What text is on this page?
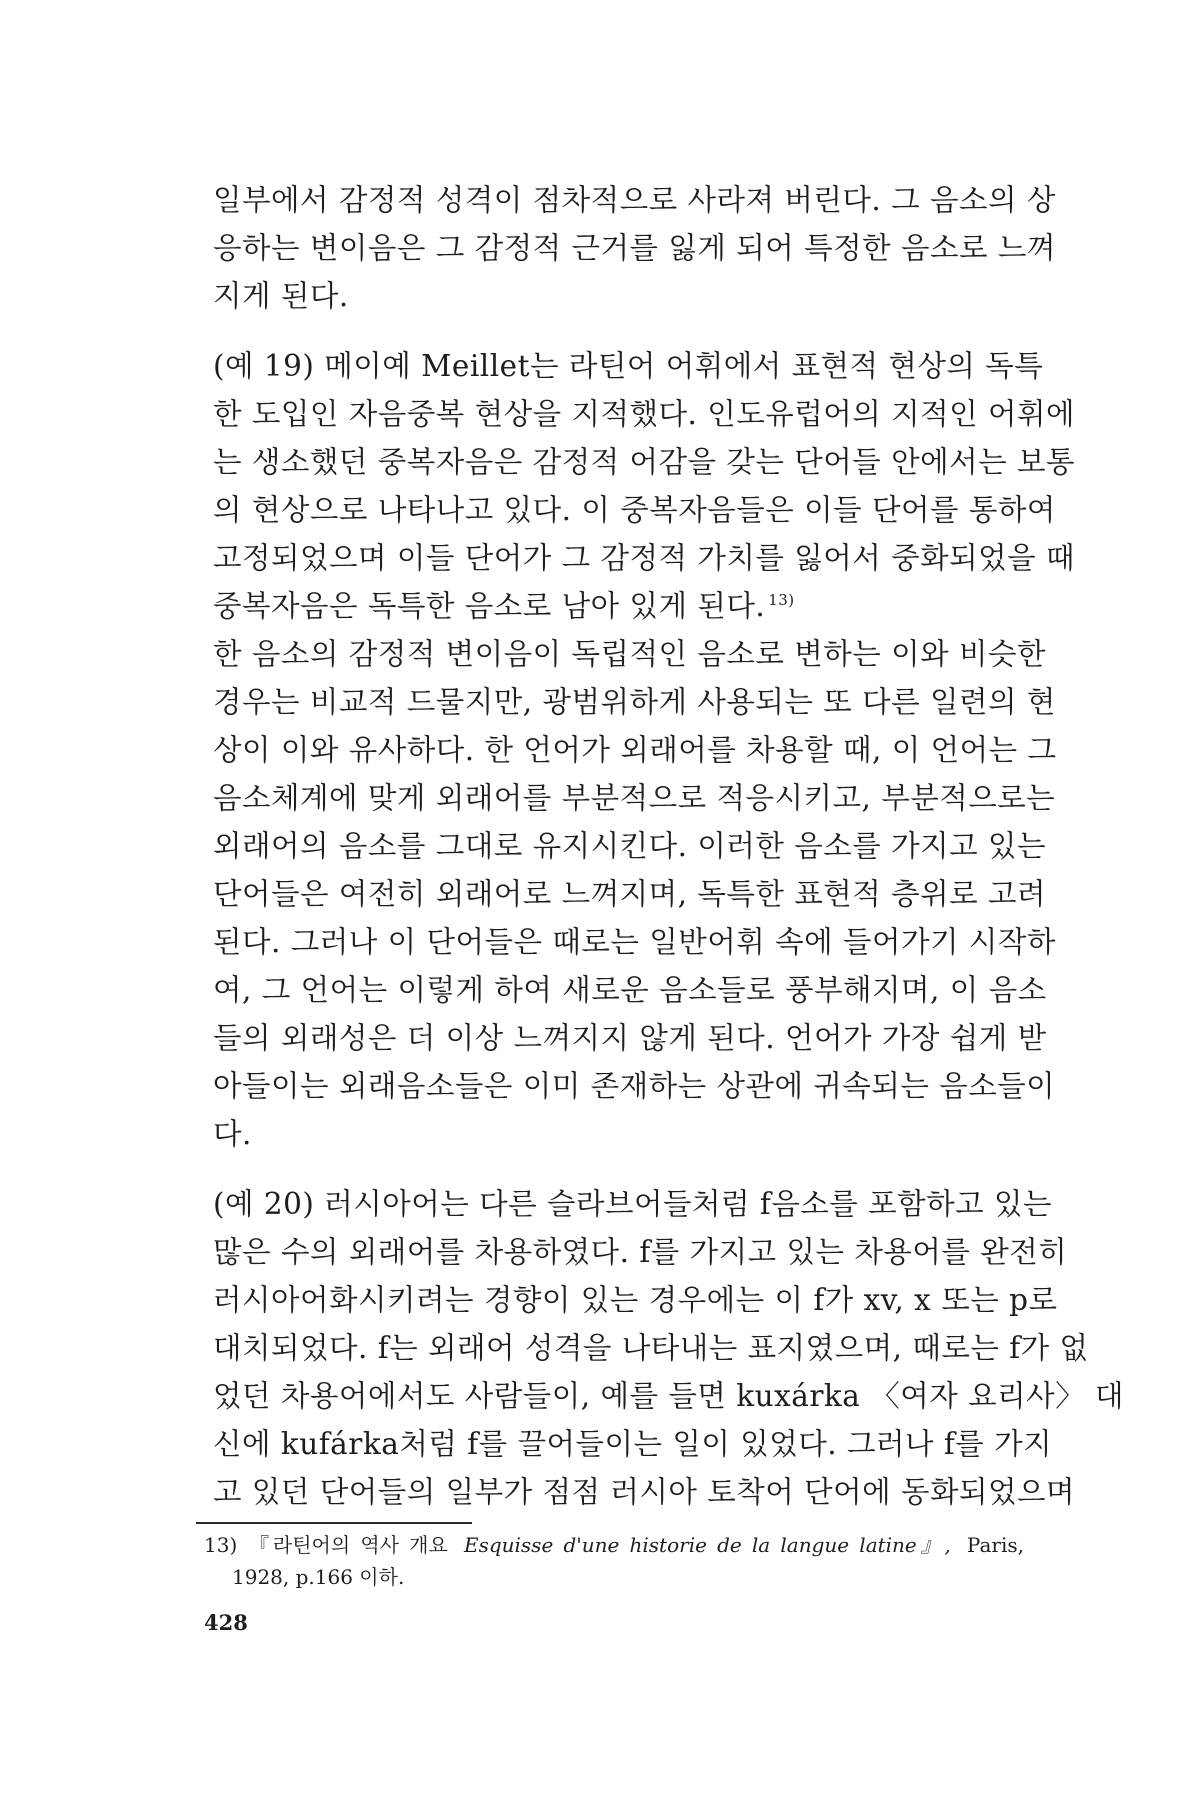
일부에서 감정적 성격이 점차적으로 사라져 버린다. 그 음소의 상
응하는 변이음은 그 감정적 근거를 잃게 되어 특정한 음소로 느껴
지게 된다.
(예 19) 메이예 Meillet는 라틴어 어휘에서 표현적 현상의 독특
한 도입인 자음중복 현상을 지적했다. 인도유럽어의 지적인 어휘에
는 생소했던 중복자음은 감정적 어감을 갖는 단어들 안에서는 보통
의 현상으로 나타나고 있다. 이 중복자음들은 이들 단어를 통하여
고정되었으며 이들 단어가 그 감정적 가치를 잃어서 중화되었을 때
중복자음은 독특한 음소로 남아 있게 된다. $^{13)}$
한 음소의 감정적 변이음이 독립적인 음소로 변하는 이와 비슷한
경우는 비교적 드물지만, 광범위하게 사용되는 또 다른 일련의 현
상이 이와 유사하다. 한 언어가 외래어를 차용할 때, 이 언어는 그
음소체계에 맞게 외래어를 부분적으로 적응시키고, 부분적으로는
외래어의 음소를 그대로 유지시킨다. 이러한 음소를 가지고 있는
단어들은 여전히 외래어로 느껴지며, 독특한 표현적 층위로 고려
된다. 그러나 이 단어들은 때로는 일반어휘 속에 들어가기 시작하
여, 그 언어는 이렇게 하여 새로운 음소들로 풍부해지며, 이 음소
들의 외래성은 더 이상 느껴지지 않게 된다. 언어가 가장 쉽게 받
아들이는 외래음소들은 이미 존재하는 상관에 귀속되는 음소들이
다.
(예 20) 러시아어는 다른 슬라브어들처럼 f음소를 포함하고 있는
많은 수의 외래어를 차용하였다. f를 가지고 있는 차용어를 완전히
러시아어화시키려는 경향이 있는 경우에는 이 f가 xv, x 또는 p로
대치되었다. f는 외래어 성격을 나타내는 표지였으며, 때로는 f가 없
었던 차용어에서도 사람들이, 예를 들면 kuxárka 〈여자 요리사〉 대
신에 kufárka처럼 f를 끌어들이는 일이 있었다. 그러나 f를 가지
고 있던 단어들의 일부가 점점 러시아 토착어 단어에 동화되었으며
13) 『라틴어의 역사 개요 Esquisse d'une historie de la langue latine』, Paris,
1928, p.166 이하.
428
